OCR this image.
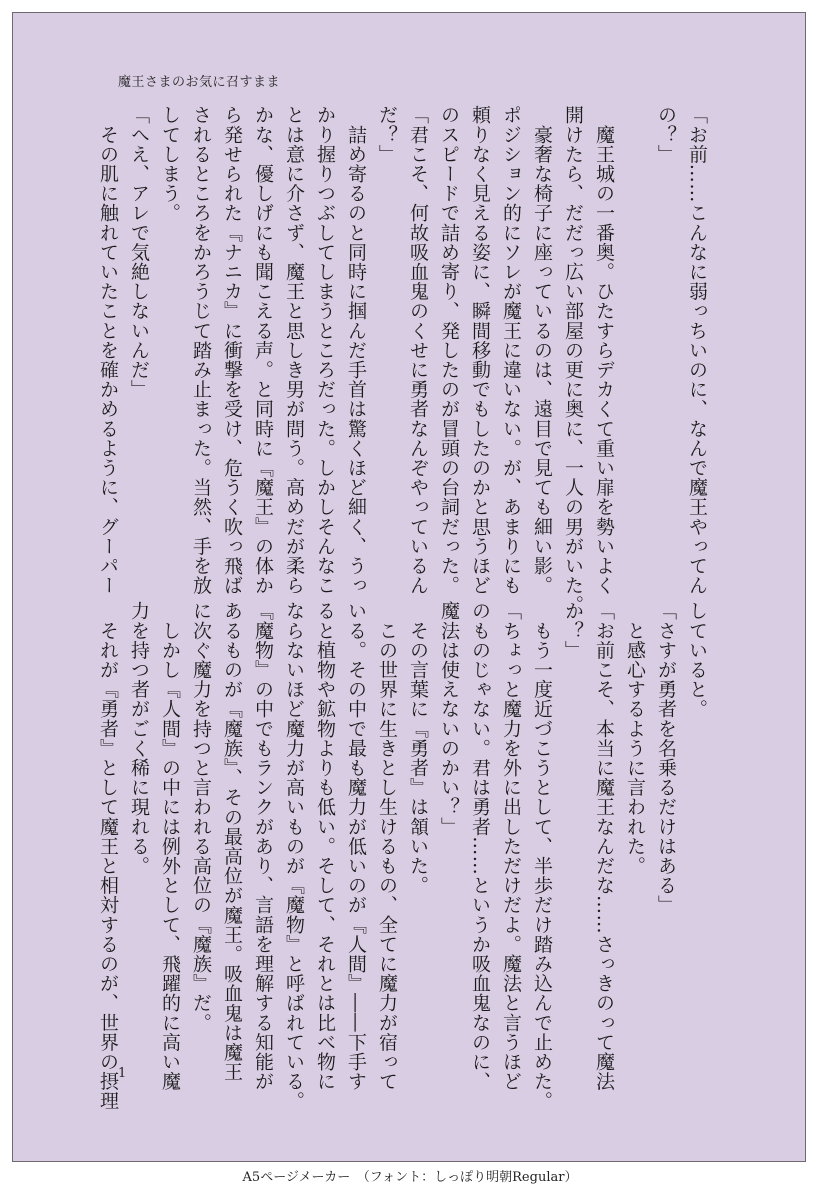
魔王さまのお気に召すまま
「お前……こんなに弱っちいのに、なんで魔王やってん
の？」

　魔王城の一番奥。ひたすらデカくて重い扉を勢いよく
開けたら、だだっ広い部屋の更に奥に、一人の男がいた。
　豪奢な椅子に座っているのは、遠目で見ても細い影。
ポジション的にソレが魔王に違いない。が、あまりにも
頼りなく見える姿に、瞬間移動でもしたのかと思うほど
のスピードで詰め寄り、発したのが冒頭の台詞だった。
「君こそ、何故吸血鬼のくせに勇者なんぞやっているん
だ？」
　詰め寄るのと同時に掴んだ手首は驚くほど細く、うっ
かり握りつぶしてしまうところだった。しかしそんなこ
とは意に介さず、魔王と思しき男が問う。高めだが柔ら
かな、優しげにも聞こえる声。と同時に『魔王』の体か
ら発せられた『ナニカ』に衝撃を受け、危うく吹っ飛ば
されるところをかろうじて踏み止まった。当然、手を放
してしまう。
「へえ、アレで気絶しないんだ」
　その肌に触れていたことを確かめるように、グーパー
していると。
「さすが勇者を名乗るだけはある」
　と感心するように言われた。
「お前こそ、本当に魔王なんだな……さっきのって魔法
か？」
　もう一度近づこうとして、半歩だけ踏み込んで止めた。
「ちょっと魔力を外に出しただけだよ。魔法と言うほど
のものじゃない。君は勇者……というか吸血鬼なのに、
魔法は使えないのかい？」
　その言葉に『勇者』は頷いた。
　この世界に生きとし生けるもの、全てに魔力が宿って
いる。その中で最も魔力が低いのが『人間』――下手す
ると植物や鉱物よりも低い。そして、それとは比べ物に
ならないほど魔力が高いものが『魔物』と呼ばれている。
『魔物』の中でもランクがあり、言語を理解する知能が
あるものが『魔族』、その最高位が魔王。吸血鬼は魔王
に次ぐ魔力を持つと言われる高位の『魔族』だ。
　しかし『人間』の中には例外として、飛躍的に高い魔
力を持つ者がごく稀に現れる。
　それが『勇者』として魔王と相対するのが、世界の摂理 1
A5ページメーカー　（フォント：しっぽり明朝Regular）
